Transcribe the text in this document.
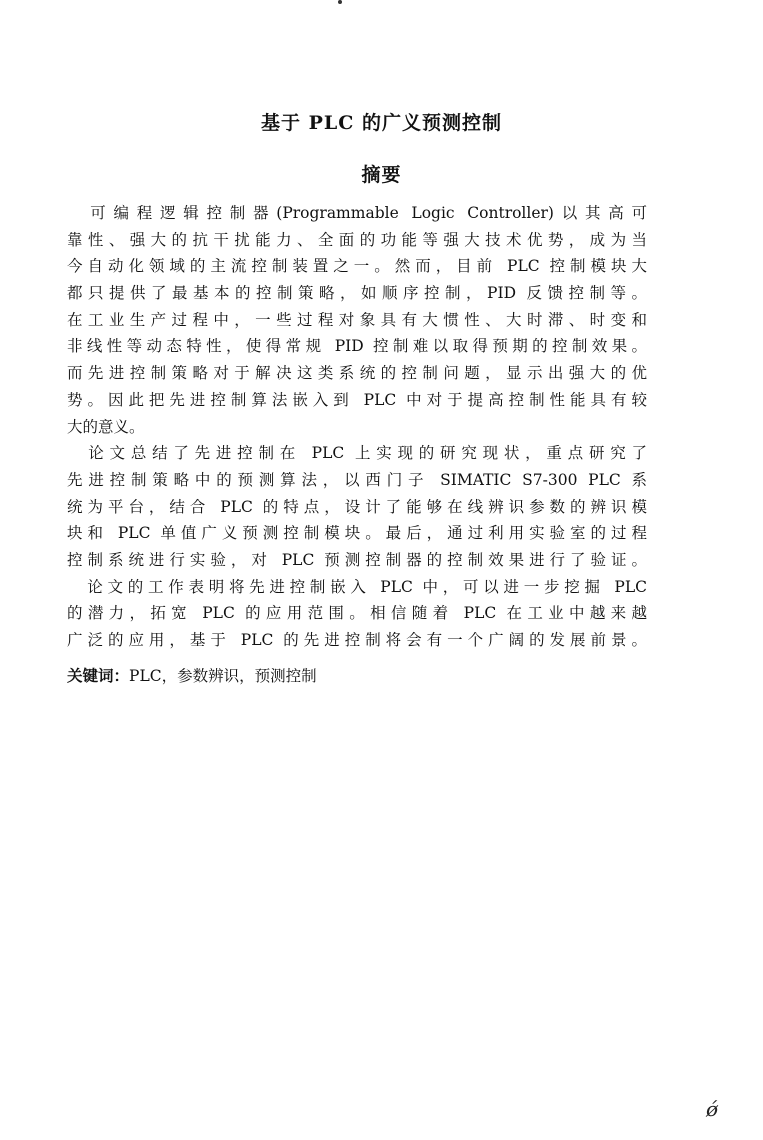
基于 PLC 的广义预测控制
摘要
　可编程逻辑控制器(Programmable Logic Controller)以其高可
靠性、强大的抗干扰能力、全面的功能等强大技术优势，成为当
今自动化领域的主流控制装置之一。然而，目前 PLC 控制模块大
都只提供了最基本的控制策略，如顺序控制，PID 反馈控制等。
在工业生产过程中，一些过程对象具有大惯性、大时滞、时变和
非线性等动态特性，使得常规 PID 控制难以取得预期的控制效果。
而先进控制策略对于解决这类系统的控制问题，显示出强大的优
势。因此把先进控制算法嵌入到 PLC 中对于提高控制性能具有较
大的意义。
　论文总结了先进控制在 PLC 上实现的研究现状，重点研究了
先进控制策略中的预测算法，以西门子 SIMATIC S7-300 PLC 系
统为平台，结合 PLC 的特点，设计了能够在线辨识参数的辨识模
块和 PLC 单值广义预测控制模块。最后，通过利用实验室的过程
控制系统进行实验，对 PLC 预测控制器的控制效果进行了验证。
　论文的工作表明将先进控制嵌入 PLC 中，可以进一步挖掘 PLC
的潜力，拓宽 PLC 的应用范围。相信随着 PLC 在工业中越来越
广泛的应用，基于 PLC 的先进控制将会有一个广阔的发展前景。
关键词：PLC，参数辨识，预测控制
ǿ
